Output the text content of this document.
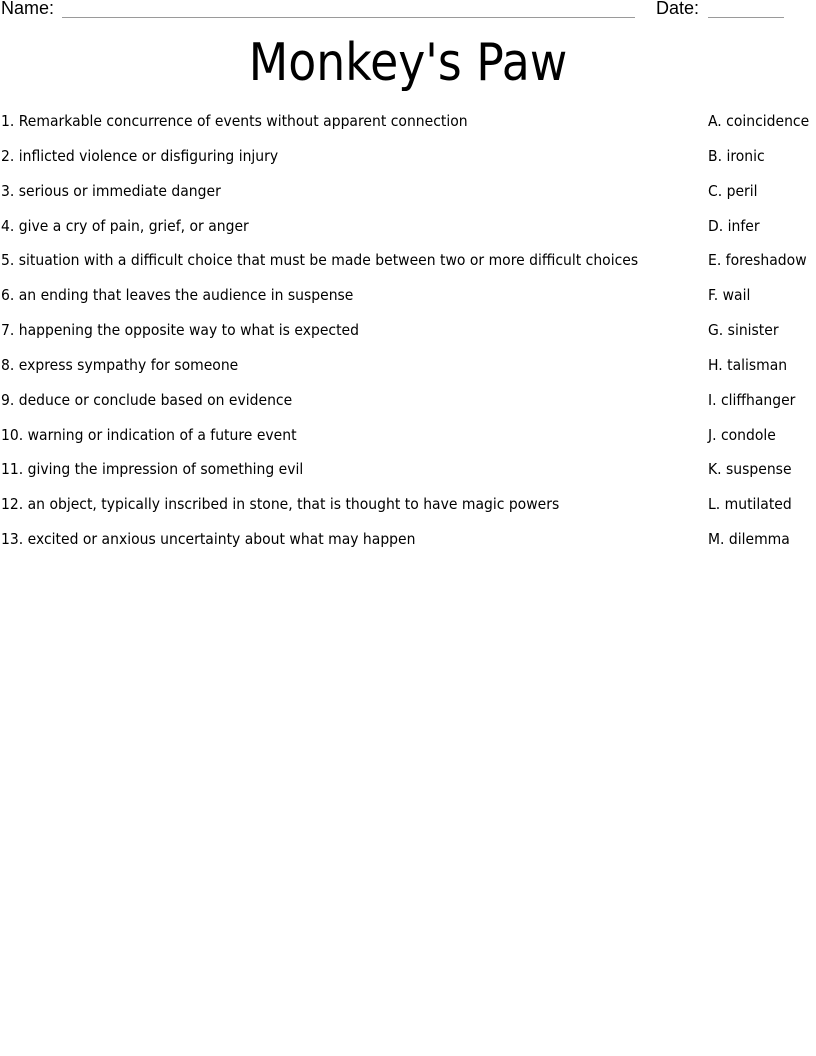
Name:	Date:
Monkey's Paw
1. Remarkable concurrence of events without apparent connection	A. coincidence
2. inflicted violence or disfiguring injury	B. ironic
3. serious or immediate danger	C. peril
4. give a cry of pain, grief, or anger	D. infer
5. situation with a difficult choice that must be made between two or more difficult choices	E. foreshadow
6. an ending that leaves the audience in suspense	F. wail
7. happening the opposite way to what is expected	G. sinister
8. express sympathy for someone	H. talisman
9. deduce or conclude based on evidence	I. cliffhanger
10. warning or indication of a future event	J. condole
11. giving the impression of something evil	K. suspense
12. an object, typically inscribed in stone, that is thought to have magic powers	L. mutilated
13. excited or anxious uncertainty about what may happen	M. dilemma
